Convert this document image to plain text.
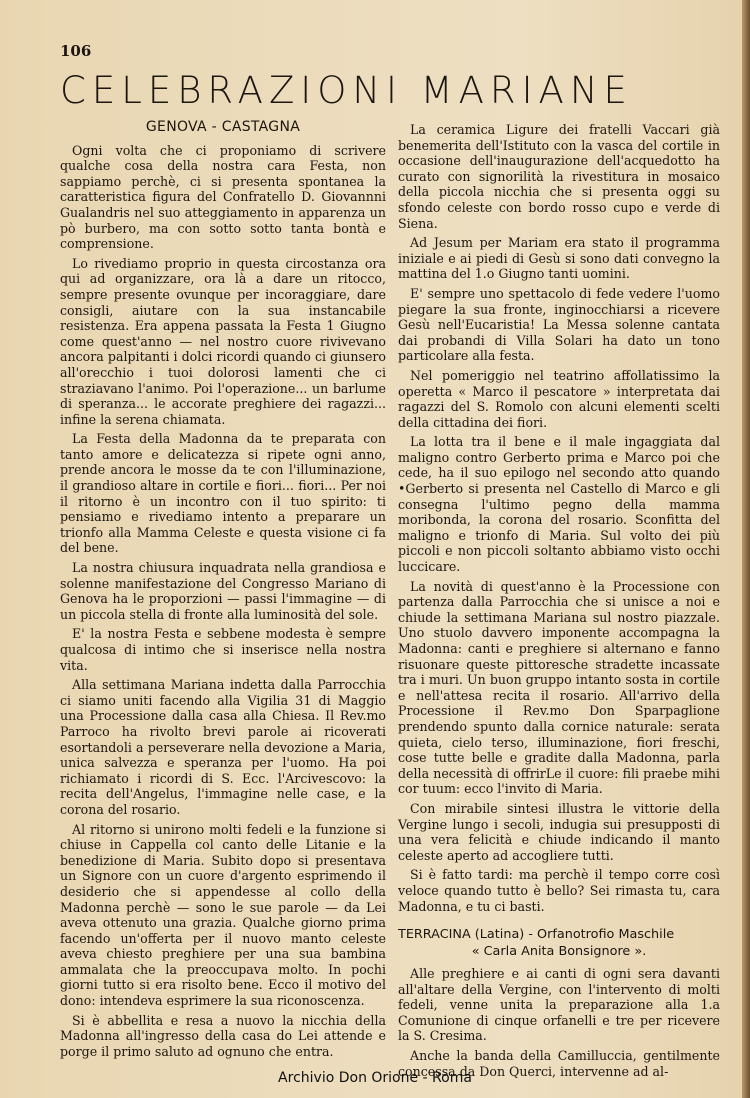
106
CELEBRAZIONI MARIANE
GENOVA - CASTAGNA

Ogni volta che ci proponiamo di scrivere qualche cosa della nostra cara Festa, non sappiamo perchè, ci si presenta spontanea la caratteristica figura del Confratello D. Giovannni Gualandris nel suo atteggiamento in apparenza un pò burbero, ma con sotto sotto tanta bontà e comprensione.

Lo rivediamo proprio in questa circostanza ora qui ad organizzare, ora là a dare un ritocco, sempre presente ovunque per incoraggiare, dare consigli, aiutare con la sua instancabile resistenza. Era appena passata la Festa 1 Giugno come quest'anno — nel nostro cuore rivivevano ancora palpitanti i dolci ricordi quando ci giunsero all'orecchio i tuoi dolorosi lamenti che ci straziavano l'animo. Poi l'operazione... un barlume di speranza... le accorate preghiere dei ragazzi... infine la serena chiamata.

La Festa della Madonna da te preparata con tanto amore e delicatezza si ripete ogni anno, prende ancora le mosse da te con l'illuminazione, il grandioso altare in cortile e fiori... fiori... Per noi il ritorno è un incontro con il tuo spirito: ti pensiamo e rivediamo intento a preparare un trionfo alla Mamma Celeste e questa visione ci fa del bene.

La nostra chiusura inquadrata nella grandiosa e solenne manifestazione del Congresso Mariano di Genova ha le proporzioni — passi l'immagine — di un piccola stella di fronte alla luminosità del sole.

E' la nostra Festa e sebbene modesta è sempre qualcosa di intimo che si inserisce nella nostra vita.

Alla settimana Mariana indetta dalla Parrocchia ci siamo uniti facendo alla Vigilia 31 di Maggio una Processione dalla casa alla Chiesa. Il Rev.mo Parroco ha rivolto brevi parole ai ricoverati esortandoli a perseverare nella devozione a Maria, unica salvezza e speranza per l'uomo. Ha poi richiamato i ricordi di S. Ecc. l'Arcivescovo: la recita dell'Angelus, l'immagine nelle case, e la corona del rosario.

Al ritorno si unirono molti fedeli e la funzione si chiuse in Cappella col canto delle Litanie e la benedizione di Maria. Subito dopo si presentava un Signore con un cuore d'argento esprimendo il desiderio che si appendesse al collo della Madonna perchè — sono le sue parole — da Lei aveva ottenuto una grazia. Qualche giorno prima facendo un'offerta per il nuovo manto celeste aveva chiesto preghiere per una sua bambina ammalata che la preoccupava molto. In pochi giorni tutto si era risolto bene. Ecco il motivo del dono: intendeva esprimere la sua riconoscenza.

Si è abbellita e resa a nuovo la nicchia della Madonna all'ingresso della casa do Lei attende e porge il primo saluto ad ognuno che entra.

La ceramica Ligure dei fratelli Vaccari già benemerita dell'Istituto con la vasca del cortile in occasione dell'inaugurazione dell'acquedotto ha curato con signorilità la rivestitura in mosaico della piccola nicchia che si presenta oggi su sfondo celeste con bordo rosso cupo e verde di Siena.

Ad Jesum per Mariam era stato il programma iniziale e ai piedi di Gesù si sono dati convegno la mattina del 1.o Giugno tanti uomini.

E' sempre uno spettacolo di fede vedere l'uomo piegare la sua fronte, inginocchiarsi a ricevere Gesù nell'Eucaristia! La Messa solenne cantata dai probandi di Villa Solari ha dato un tono particolare alla festa.

Nel pomeriggio nel teatrino affollatissimo la operetta « Marco il pescatore » interpretata dai ragazzi del S. Romolo con alcuni elementi scelti della cittadina dei fiori.

La lotta tra il bene e il male ingaggiata dal maligno contro Gerberto prima e Marco poi che cede, ha il suo epilogo nel secondo atto quando •Gerberto si presenta nel Castello di Marco e gli consegna l'ultimo pegno della mamma moribonda, la corona del rosario. Sconfitta del maligno e trionfo di Maria. Sul volto dei più piccoli e non piccoli soltanto abbiamo visto occhi luccicare.

La novità di quest'anno è la Processione con partenza dalla Parrocchia che si unisce a noi e chiude la settimana Mariana sul nostro piazzale. Uno stuolo davvero imponente accompagna la Madonna: canti e preghiere si alternano e fanno risuonare queste pittoresche stradette incassate tra i muri. Un buon gruppo intanto sosta in cortile e nell'attesa recita il rosario. All'arrivo della Processione il Rev.mo Don Sparpaglione prendendo spunto dalla cornice naturale: serata quieta, cielo terso, illuminazione, fiori freschi, cose tutte belle e gradite dalla Madonna, parla della necessità di offrirLe il cuore: fili praebe mihi cor tuum: ecco l'invito di Maria.

Con mirabile sintesi illustra le vittorie della Vergine lungo i secoli, indugia sui presupposti di una vera felicità e chiude indicando il manto celeste aperto ad accogliere tutti.

Si è fatto tardi: ma perchè il tempo corre così veloce quando tutto è bello? Sei rimasta tu, cara Madonna, e tu ci basti.

TERRACINA (Latina) - Orfanotrofio Maschile

« Carla Anita Bonsignore ».

Alle preghiere e ai canti di ogni sera davanti all'altare della Vergine, con l'intervento di molti fedeli, venne unita la preparazione alla 1.a Comunione di cinque orfanelli e tre per ricevere la S. Cresima.

Anche la banda della Camilluccia, gentilmente concessa da Don Querci, intervenne ad al-

Archivio Don Orione - Roma
